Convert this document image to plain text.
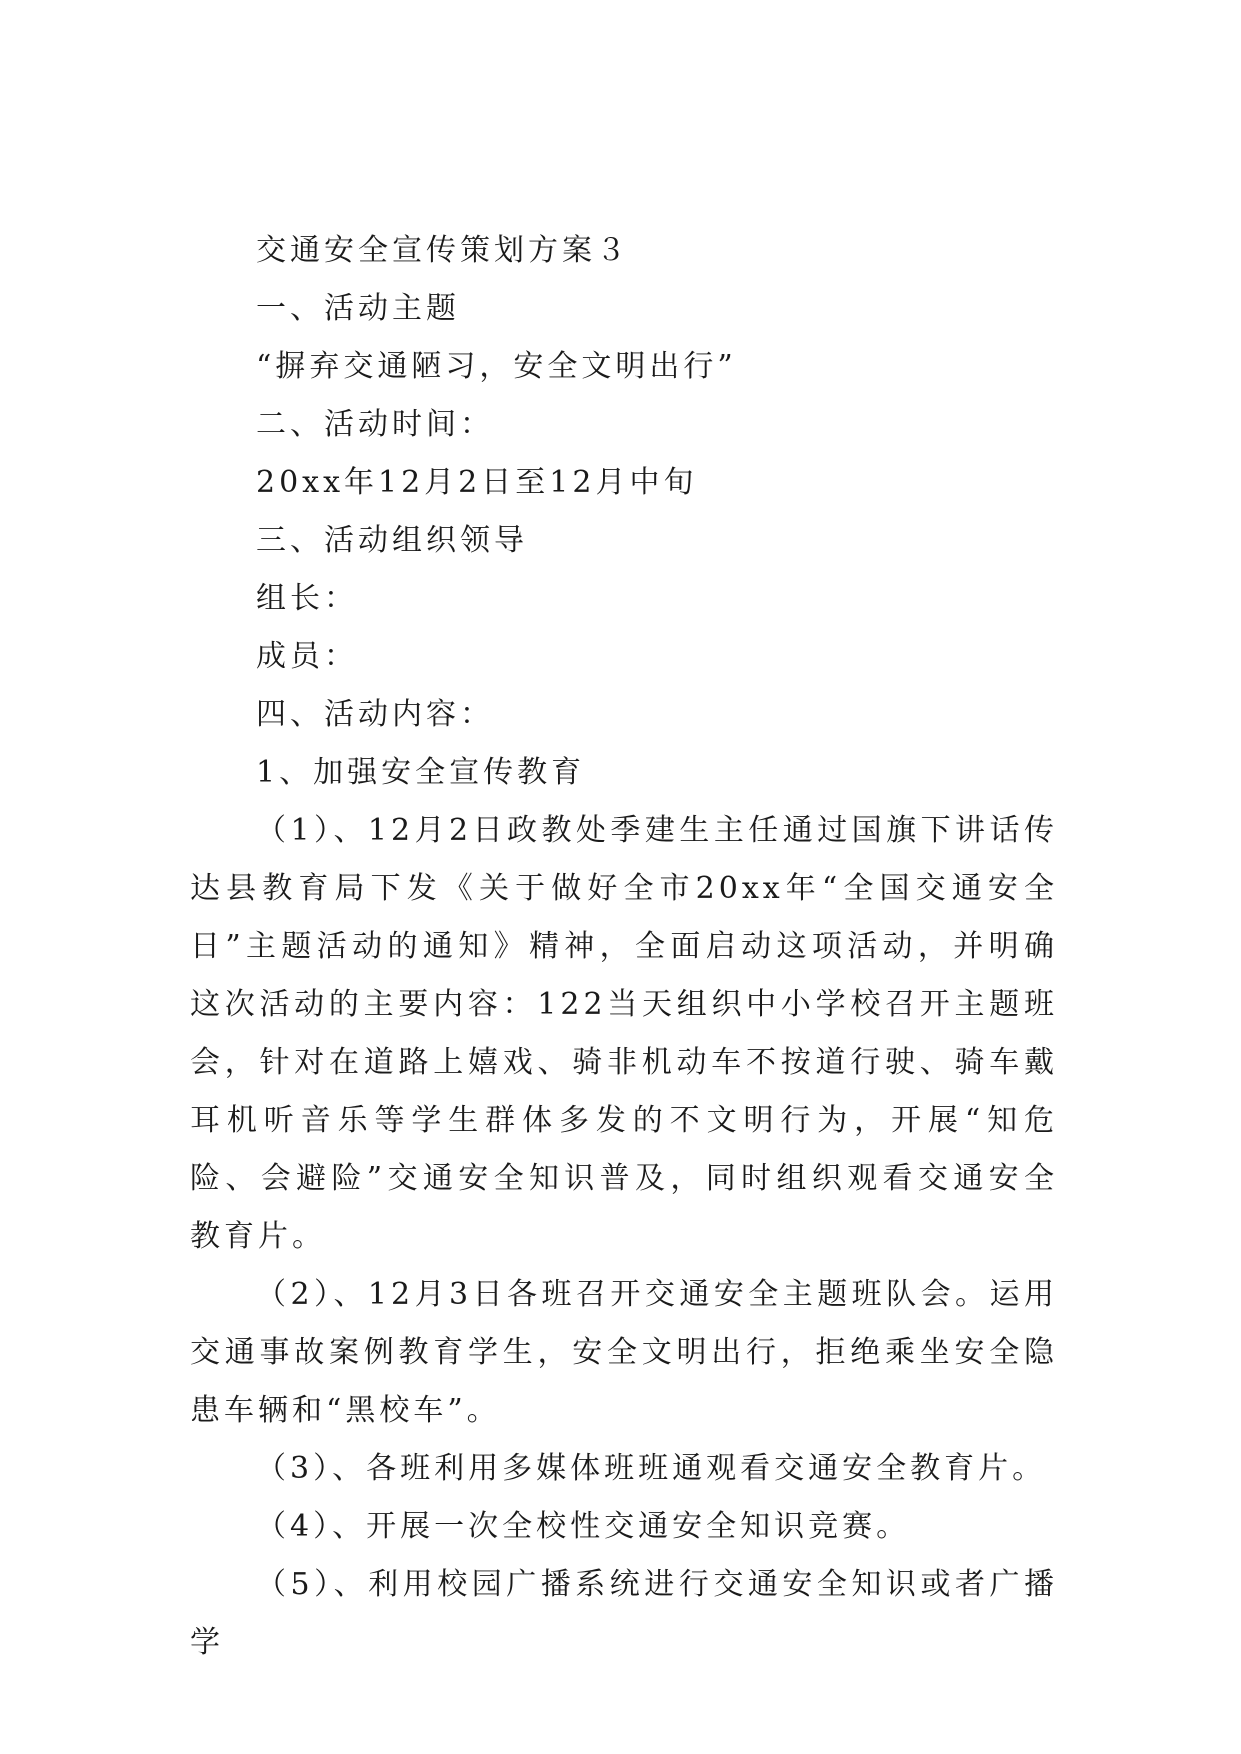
交通安全宣传策划方案３
一、活动主题
“摒弃交通陋习，安全文明出行”
二、活动时间：
20xx年12月2日至12月中旬
三、活动组织领导
组长：
成员：
四、活动内容：
1、加强安全宣传教育

（1）、12月2日政教处季建生主任通过国旗下讲话传达县教育局下发《关于做好全市20xx年“全国交通安全日”主题活动的通知》精神，全面启动这项活动，并明确这次活动的主要内容：122当天组织中小学校召开主题班会，针对在道路上嬉戏、骑非机动车不按道行驶、骑车戴耳机听音乐等学生群体多发的不文明行为，开展“知危险、会避险”交通安全知识普及，同时组织观看交通安全教育片。

（2）、12月3日各班召开交通安全主题班队会。运用交通事故案例教育学生，安全文明出行，拒绝乘坐安全隐患车辆和“黑校车”。

（3）、各班利用多媒体班班通观看交通安全教育片。

（4）、开展一次全校性交通安全知识竞赛。

（5）、利用校园广播系统进行交通安全知识或者广播学
